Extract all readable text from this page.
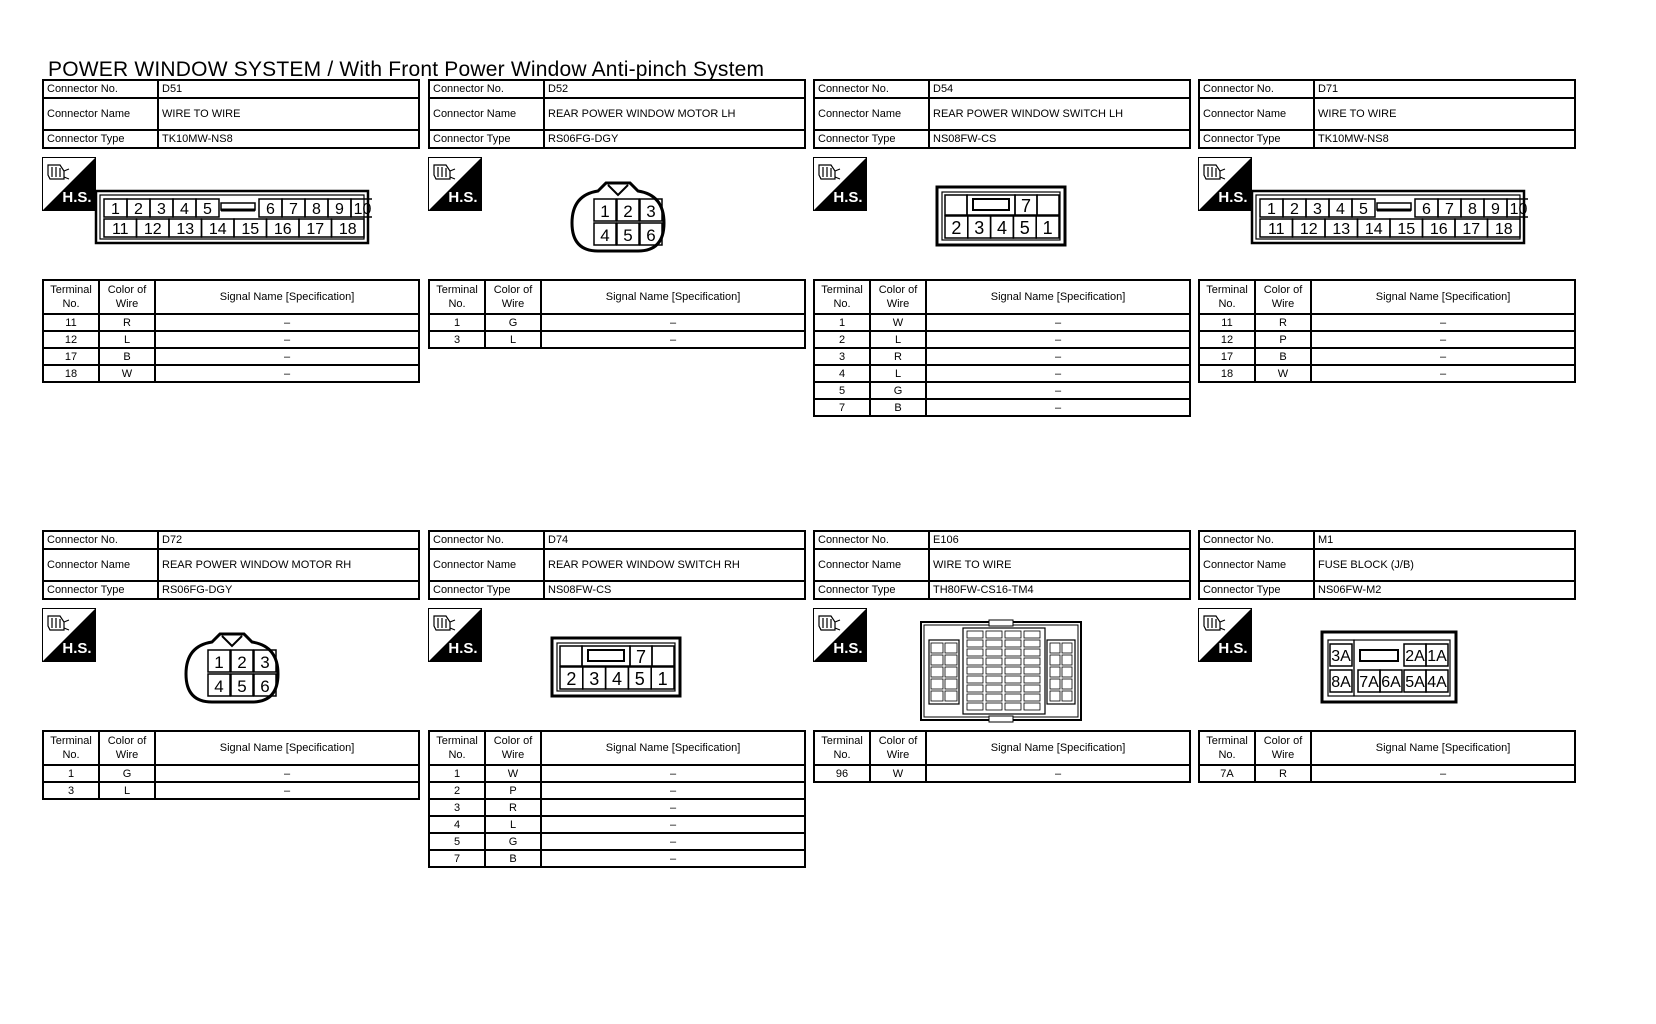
POWER WINDOW SYSTEM / With Front Power Window Anti-pinch System
Connector No.	D51
Connector Name	WIRE TO WIRE
Connector Type	TK10MW-NS8
H.S.
1 2 3 4 5	6 7 8 9 10
11 12 13 14 15 16 17 18
Terminal No.	Color of Wire	Signal Name [Specification]
11	R	–
12	L	–
17	B	–
18	W	–
Connector No.	D52
Connector Name	REAR POWER WINDOW MOTOR LH
Connector Type	RS06FG-DGY
H.S.
1 2 3
4 5 6
Terminal No.	Color of Wire	Signal Name [Specification]
1	G	–
3	L	–
Connector No.	D54
Connector Name	REAR POWER WINDOW SWITCH LH
Connector Type	NS08FW-CS
H.S.	7
2 3 4 5 1
Terminal No.	Color of Wire	Signal Name [Specification]
1	W	–
2	L	–
3	R	–
4	L	–
5	G	–
7	B	–
Connector No.	D71
Connector Name	WIRE TO WIRE
Connector Type	TK10MW-NS8
H.S.
1 2 3 4 5	6 7 8 9 10
11 12 13 14 15 16 17 18
Terminal No.	Color of Wire	Signal Name [Specification]
11	R	–
12	P	–
17	B	–
18	W	–
Connector No.	D72
Connector Name	REAR POWER WINDOW MOTOR RH
Connector Type	RS06FG-DGY
H.S.
1 2 3
4 5 6
Terminal No.	Color of Wire	Signal Name [Specification]
1	G	–
3	L	–
Connector No.	D74
Connector Name	REAR POWER WINDOW SWITCH RH
Connector Type	NS08FW-CS
H.S.	7
2 3 4 5 1
Terminal No.	Color of Wire	Signal Name [Specification]
1	W	–
2	P	–
3	R	–
4	L	–
5	G	–
7	B	–
Connector No.	E106
Connector Name	WIRE TO WIRE
Connector Type	TH80FW-CS16-TM4
H.S.
Terminal No.	Color of Wire	Signal Name [Specification]
96	W	–
Connector No.	M1
Connector Name	FUSE BLOCK (J/B)
Connector Type	NS06FW-M2
H.S.	3A	2A 1A
8A 7A 6A 5A 4A
Terminal No.	Color of Wire	Signal Name [Specification]
7A	R	–
